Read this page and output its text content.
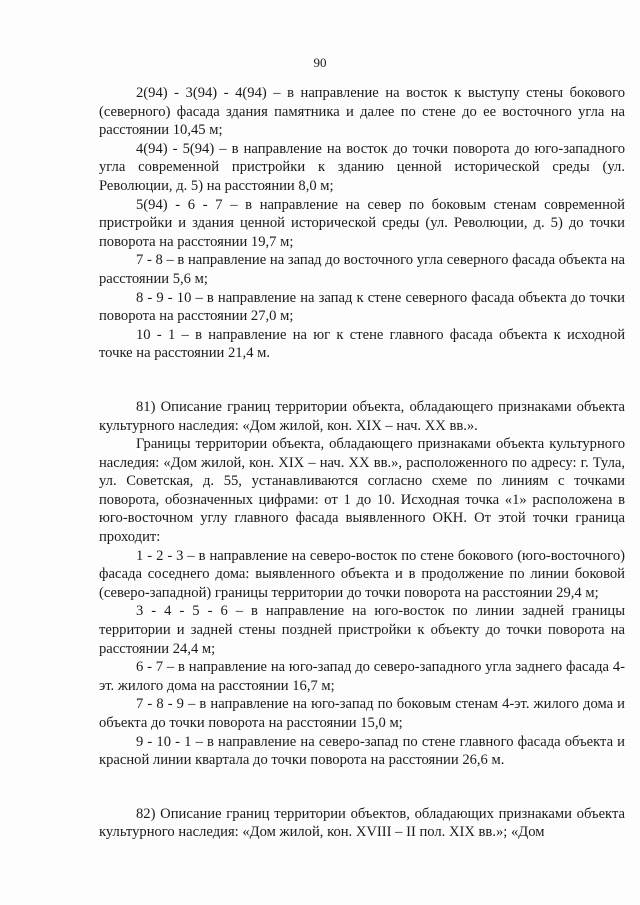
90

2(94) - 3(94) - 4(94) – в направление на восток к выступу стены бокового (северного) фасада здания памятника и далее по стене до ее восточного угла на расстоянии 10,45 м;

4(94) - 5(94) – в направление на восток до точки поворота до юго-западного угла современной пристройки к зданию ценной исторической среды (ул. Революции, д. 5) на расстоянии 8,0 м;

5(94) - 6 - 7 – в направление на север по боковым стенам современной пристройки и здания ценной исторической среды (ул. Революции, д. 5) до точки поворота на расстоянии 19,7 м;

7 - 8 – в направление на запад до восточного угла северного фасада объекта на расстоянии 5,6 м;

8 - 9 - 10 – в направление на запад к стене северного фасада объекта до точки поворота на расстоянии 27,0 м;

10 - 1 – в направление на юг к стене главного фасада объекта к исходной точке на расстоянии 21,4 м.

81) Описание границ территории объекта, обладающего признаками объекта культурного наследия: «Дом жилой, кон. XIX – нач. XX вв.».

Границы территории объекта, обладающего признаками объекта культурного наследия: «Дом жилой, кон. XIX – нач. XX вв.», расположенного по адресу: г. Тула, ул. Советская, д. 55, устанавливаются согласно схеме по линиям с точками поворота, обозначенных цифрами: от 1 до 10. Исходная точка «1» расположена в юго-восточном углу главного фасада выявленного ОКН. От этой точки граница проходит:

1 - 2 - 3 – в направление на северо-восток по стене бокового (юго-восточного) фасада соседнего дома: выявленного объекта и в продолжение по линии боковой (северо-западной) границы территории до точки поворота на расстоянии 29,4 м;

3 - 4 - 5 - 6 – в направление на юго-восток по линии задней границы территории и задней стены поздней пристройки к объекту до точки поворота на расстоянии 24,4 м;

6 - 7 – в направление на юго-запад до северо-западного угла заднего фасада 4-эт. жилого дома на расстоянии 16,7 м;

7 - 8 - 9 – в направление на юго-запад по боковым стенам 4-эт. жилого дома и объекта до точки поворота на расстоянии 15,0 м;

9 - 10 - 1 – в направление на северо-запад по стене главного фасада объекта и красной линии квартала до точки поворота на расстоянии 26,6 м.

82) Описание границ территории объектов, обладающих признаками объекта культурного наследия: «Дом жилой, кон. XVIII – II пол. XIX вв.»; «Дом
